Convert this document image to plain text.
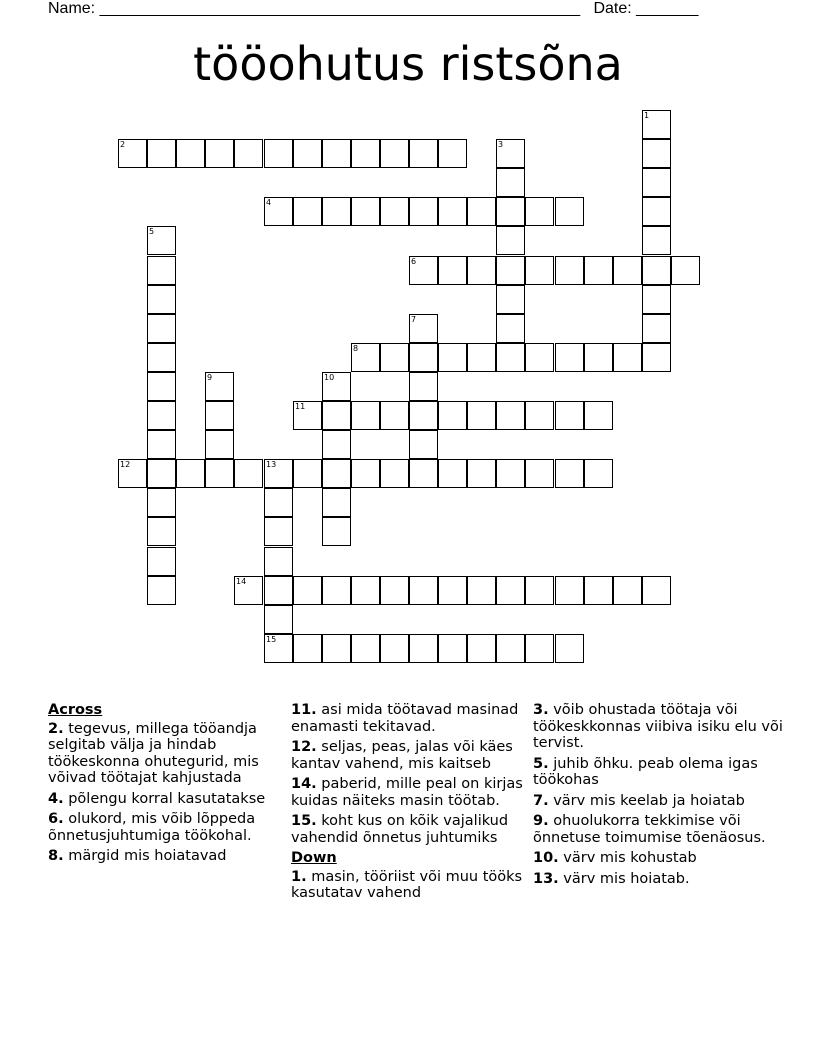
Name: ______________________________________________________ Date: _______
tööohutus ristsõna
1
2	3
4
5
6
7
8
9	10
11
12	13
15
14
Across
2. tegevus, millega tööandja selgitab välja ja hindab töökeskonna ohutegurid, mis võivad töötajat kahjustada
4. põlengu korral kasutatakse
6. olukord, mis võib lõppeda õnnetusjuhtumiga töökohal.
8. märgid mis hoiatavad
11. asi mida töötavad masinad enamasti tekitavad.
12. seljas, peas, jalas või käes kantav vahend, mis kaitseb
14. paberid, mille peal on kirjas kuidas näiteks masin töötab.
15. koht kus on kõik vajalikud vahendid õnnetus juhtumiks
Down
1. masin, tööriist või muu tööks kasutatav vahend
3. võib ohustada töötaja või töökeskkonnas viibiva isiku elu või tervist.
5. juhib õhku. peab olema igas töökohas
7. värv mis keelab ja hoiatab
9. ohuolukorra tekkimise või õnnetuse toimumise tõenäosus.
10. värv mis kohustab
13. värv mis hoiatab.
